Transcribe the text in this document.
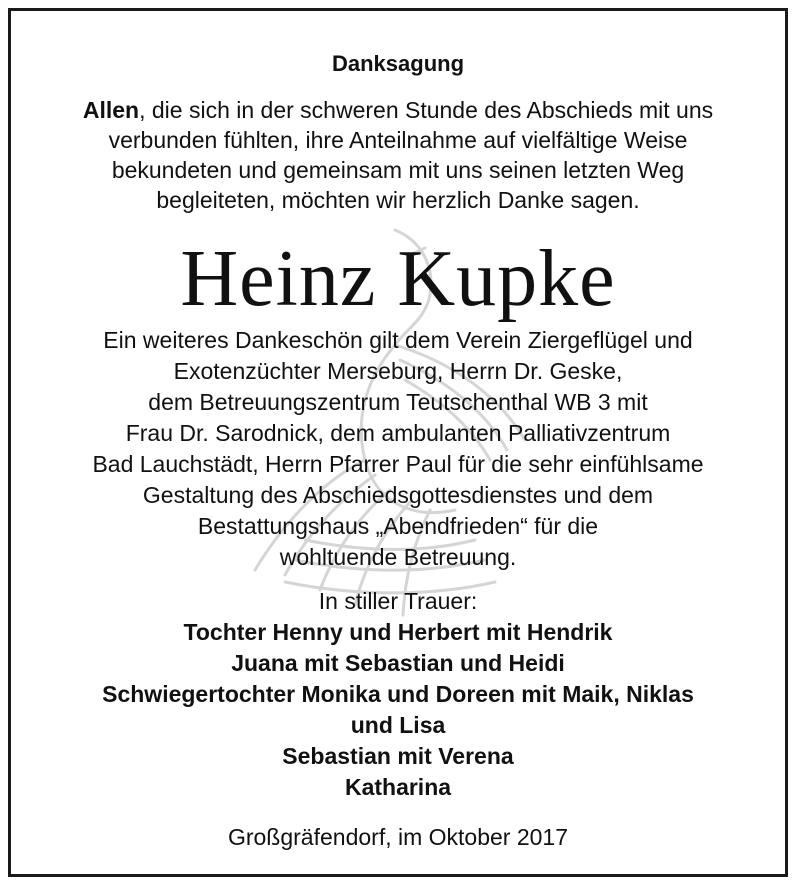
Danksagung
Allen, die sich in der schweren Stunde des Abschieds mit uns
verbunden fühlten, ihre Anteilnahme auf vielfältige Weise
bekundeten und gemeinsam mit uns seinen letzten Weg
begleiteten, möchten wir herzlich Danke sagen.
Heinz Kupke
Ein weiteres Dankeschön gilt dem Verein Ziergeflügel und
Exotenzüchter Merseburg, Herrn Dr. Geske,
dem Betreuungszentrum Teutschenthal WB 3 mit
Frau Dr. Sarodnick, dem ambulanten Palliativzentrum
Bad Lauchstädt, Herrn Pfarrer Paul für die sehr einfühlsame
Gestaltung des Abschiedsgottesdienstes und dem
Bestattungshaus „Abendfrieden“ für die
wohltuende Betreuung.
In stiller Trauer:
Tochter Henny und Herbert mit Hendrik
Juana mit Sebastian und Heidi
Schwiegertochter Monika und Doreen mit Maik, Niklas
und Lisa
Sebastian mit Verena
Katharina
Großgräfendorf, im Oktober 2017
